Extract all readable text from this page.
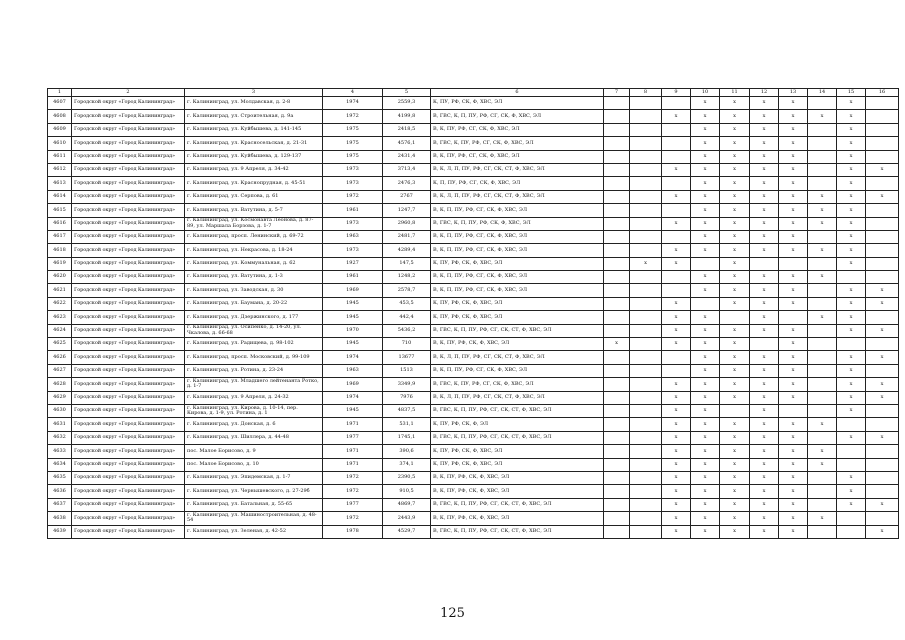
1	2	3	4	5	6	7	8	9	10	11	12	13	14	15	16
4607	Городской округ «Город Калининград»	г. Калининград, ул. Молдавская, д. 2-8	1974	2559,3	К, ПУ, РФ, СК, Ф, ХВС, ЭЛ				x	x	x	x		x	
4608	Городской округ «Город Калининград»	г. Калининград, ул. Строительная, д. 9а	1972	4199,8	В, ГВС, К, П, ПУ, РФ, СГ, СК, Ф, ХВС, ЭЛ			x	x	x	x	x	x	x	
4609	Городской округ «Город Калининград»	г. Калининград, ул. Куйбышева, д. 141-145	1975	2418,5	В, К, ПУ, РФ, СГ, СК, Ф, ХВС, ЭЛ				x	x	x	x		x	
4610	Городской округ «Город Калининград»	г. Калининград, ул. Красносельская, д. 21-31	1975	4576,1	В, ГВС, К, ПУ, РФ, СГ, СК, Ф, ХВС, ЭЛ				x	x	x	x		x	
4611	Городской округ «Город Калининград»	г. Калининград, ул. Куйбышева, д. 129-137	1975	2431,4	В, К, ПУ, РФ, СГ, СК, Ф, ХВС, ЭЛ				x	x	x	x		x	
4612	Городской округ «Город Калининград»	г. Калининград, ул. 9 Апреля, д. 34-42	1973	3713,4	В, К, Л, П, ПУ, РФ, СГ, СК, СТ, Ф, ХВС, ЭЛ			x	x	x	x	x		x	x
4613	Городской округ «Город Калининград»	г. Калининград, ул. Краснопрудная, д. 45-51	1973	2476,3	К, П, ПУ, РФ, СГ, СК, Ф, ХВС, ЭЛ				x	x	x	x		x	
4614	Городской округ «Город Калининград»	г. Калининград, ул. Серпова, д. 61	1972	2767	В, К, Л, П, ПУ, РФ, СГ, СК, СТ, Ф, ХВС, ЭЛ			x	x	x	x	x	x	x	x
4615	Городской округ «Город Калининград»	г. Калининград, ул. Ватутина, д. 5-7	1961	1247,7	В, К, П, ПУ, РФ, СГ, СК, Ф, ХВС, ЭЛ				x	x	x	x	x	x	
4616	Городской округ «Город Калининград»	г. Калининград, ул. Космонавта Леонова, д. 87-89, ул. Маршала Борзова, д. 1-7	1973	2960,8	В, ГВС, К, П, ПУ, РФ, СК, Ф, ХВС, ЭЛ			x	x	x	x	x	x	x	
4617	Городской округ «Город Калининград»	г. Калининград, просп. Ленинский, д. 69-72	1963	2481,7	В, К, П, ПУ, РФ, СГ, СК, Ф, ХВС, ЭЛ				x	x	x	x		x	
4618	Городской округ «Город Калининград»	г. Калининград, ул. Некрасова, д. 18-24	1973	4289,4	В, К, П, ПУ, РФ, СГ, СК, Ф, ХВС, ЭЛ			x	x	x	x	x	x	x	
4619	Городской округ «Город Калининград»	г. Калининград, ул. Коммунальная, д. 62	1927	147,5	К, ПУ, РФ, СК, Ф, ХВС, ЭЛ		x	x		x				x	
4620	Городской округ «Город Калининград»	г. Калининград, ул. Ватутина, д. 1-3	1961	1248,2	В, К, П, ПУ, РФ, СГ, СК, Ф, ХВС, ЭЛ				x	x	x	x	x		
4621	Городской округ «Город Калининград»	г. Калининград, ул. Заводская, д. 30	1969	2578,7	В, К, П, ПУ, РФ, СГ, СК, Ф, ХВС, ЭЛ				x	x	x	x		x	x
4622	Городской округ «Город Калининград»	г. Калининград, ул. Бауманa, д. 20-22	1945	453,5	К, ПУ, РФ, СК, Ф, ХВС, ЭЛ			x		x	x	x		x	x
4623	Городской округ «Город Калининград»	г. Калининград, ул. Дзержинского, д. 177	1945	442,4	К, ПУ, РФ, СК, Ф, ХВС, ЭЛ			x	x		x		x	x	
4624	Городской округ «Город Калининград»	г. Калининград, ул. Осипенко, д. 14-20, ул. Чкалова, д. 66-68	1970	5436,2	В, ГВС, К, П, ПУ, РФ, СГ, СК, СТ, Ф, ХВС, ЭЛ			x	x	x	x	x		x	x
4625	Городской округ «Город Калининград»	г. Калининград, ул. Радищева, д. 98-102	1945	710	В, К, ПУ, РФ, СК, Ф, ХВС, ЭЛ	x		x	x	x		x			
4626	Городской округ «Город Калининград»	г. Калининград, просп. Московский, д. 99-109	1974	13677	В, К, Л, П, ПУ, РФ, СГ, СК, СТ, Ф, ХВС, ЭЛ				x	x	x	x		x	x
4627	Городской округ «Город Калининград»	г. Калининград, ул. Ротина, д. 23-24	1963	1513	В, К, П, ПУ, РФ, СГ, СК, Ф, ХВС, ЭЛ				x	x	x	x		x	
4628	Городской округ «Город Калининград»	г. Калининград, ул. Младшего лейтенанта Ротко, д. 1-7	1969	3349,9	В, ГВС, К, ПУ, РФ, СГ, СК, Ф, ХВС, ЭЛ			x	x	x	x	x		x	x
4629	Городской округ «Город Калининград»	г. Калининград, ул. 9 Апреля, д. 24-32	1974	7976	В, К, Л, П, ПУ, РФ, СГ, СК, СТ, Ф, ХВС, ЭЛ			x	x	x	x	x		x	x
4630	Городской округ «Город Калининград»	г. Калининград, ул. Кирова, д. 10-14, пер. Кирова, д. 1-9, ул. Ротина, д. 1	1945	4837,5	В, ГВС, К, П, ПУ, РФ, СГ, СК, СТ, Ф, ХВС, ЭЛ			x	x		x			x	
4631	Городской округ «Город Калининград»	г. Калининград, ул. Донская, д. 6	1971	531,1	К, ПУ, РФ, СК, Ф, ЭЛ			x	x	x	x	x	x		
4632	Городской округ «Город Калининград»	г. Калининград, ул. Шиллера, д. 44-48	1977	1745,1	В, ГВС, К, П, ПУ, РФ, СГ, СК, СТ, Ф, ХВС, ЭЛ			x	x	x	x	x		x	x
4633	Городской округ «Город Калининград»	пос. Малое Борисово, д. 9	1971	390,6	К, ПУ, РФ, СК, Ф, ХВС, ЭЛ			x	x	x	x	x	x		
4634	Городской округ «Город Калининград»	пос. Малое Борисово, д. 10	1971	374,1	К, ПУ, РФ, СК, Ф, ХВС, ЭЛ			x	x	x	x	x	x		
4635	Городской округ «Город Калининград»	г. Калининград, ул. Эпидемская, д. 1-7	1972	2390,5	В, К, ПУ, РФ, СК, Ф, ХВС, ЭЛ			x	x	x	x	x		x	
4636	Городской округ «Город Калининград»	г. Калининград, ул. Чернышевского, д. 27-29б	1972	910,5	В, К, ПУ, РФ, СК, Ф, ХВС, ЭЛ			x	x	x	x	x		x	
4637	Городской округ «Город Калининград»	г. Калининград, ул. Батальная, д. 55-65	1977	4869,7	В, ГВС, К, П, ПУ, РФ, СГ, СК, СТ, Ф, ХВС, ЭЛ			x	x	x	x	x		x	x
4638	Городской округ «Город Калининград»	г. Калининград, ул. Машиностроительная, д. 48-54	1972	2443,9	В, К, ПУ, РФ, СК, Ф, ХВС, ЭЛ			x	x	x	x	x	x		
4639	Городской округ «Город Калининград»	г. Калининград, ул. Зеленая, д. 42-52	1978	4529,7	В, ГВС, К, П, ПУ, РФ, СГ, СК, СТ, Ф, ХВС, ЭЛ			x	x	x	x	x			x
125
